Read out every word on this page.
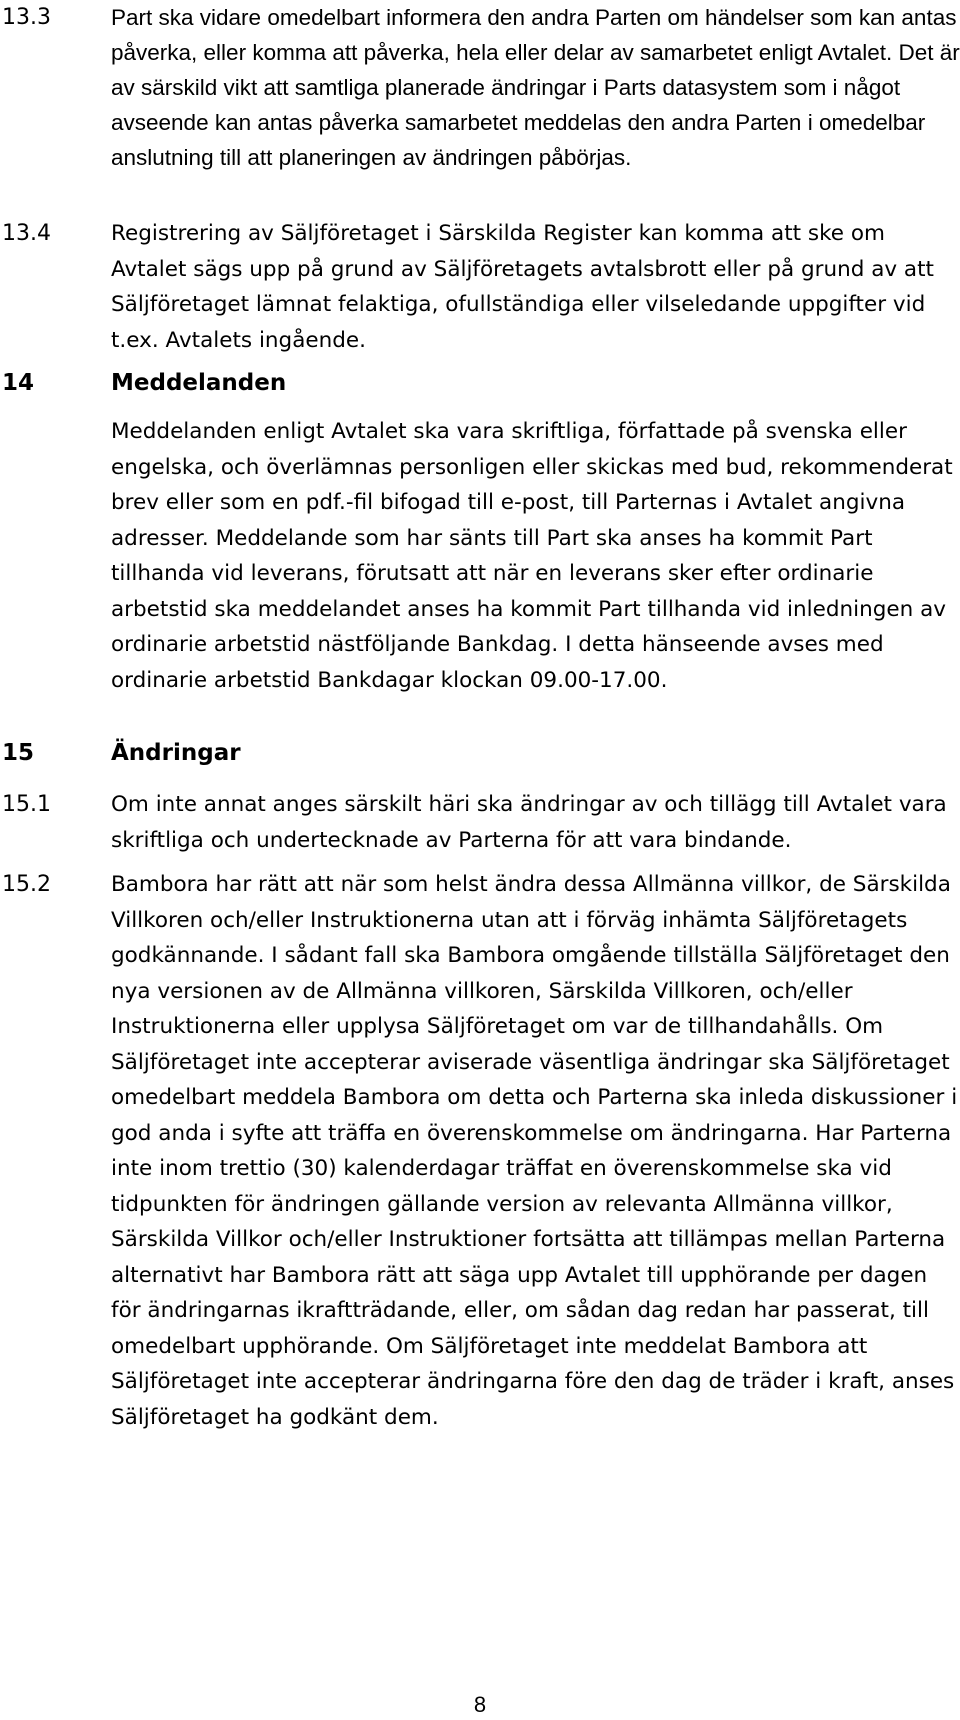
13.3	Part ska vidare omedelbart informera den andra Parten om händelser som kan antas påverka, eller komma att påverka, hela eller delar av samarbetet enligt Avtalet. Det är av särskild vikt att samtliga planerade ändringar i Parts datasystem som i något avseende kan antas påverka samarbetet meddelas den andra Parten i omedelbar anslutning till att planeringen av ändringen påbörjas.

13.4	Registrering av Säljföretaget i Särskilda Register kan komma att ske om Avtalet sägs upp på grund av Säljföretagets avtalsbrott eller på grund av att Säljföretaget lämnat felaktiga, ofullständiga eller vilseledande uppgifter vid t.ex. Avtalets ingående.

14	Meddelanden

Meddelanden enligt Avtalet ska vara skriftliga, författade på svenska eller engelska, och överlämnas personligen eller skickas med bud, rekommenderat brev eller som en pdf.-fil bifogad till e-post, till Parternas i Avtalet angivna adresser. Meddelande som har sänts till Part ska anses ha kommit Part tillhanda vid leverans, förutsatt att när en leverans sker efter ordinarie arbetstid ska meddelandet anses ha kommit Part tillhanda vid inledningen av ordinarie arbetstid nästföljande Bankdag. I detta hänseende avses med ordinarie arbetstid Bankdagar klockan 09.00-17.00.

15	Ändringar
15.1	Om inte annat anges särskilt häri ska ändringar av och tillägg till Avtalet vara skriftliga och undertecknade av Parterna för att vara bindande.

15.2	Bambora har rätt att när som helst ändra dessa Allmänna villkor, de Särskilda Villkoren och/eller Instruktionerna utan att i förväg inhämta Säljföretagets godkännande. I sådant fall ska Bambora omgående tillställa Säljföretaget den nya versionen av de Allmänna villkoren, Särskilda Villkoren, och/eller Instruktionerna eller upplysa Säljföretaget om var de tillhandahålls. Om Säljföretaget inte accepterar aviserade väsentliga ändringar ska Säljföretaget omedelbart meddela Bambora om detta och Parterna ska inleda diskussioner i god anda i syfte att träffa en överenskommelse om ändringarna. Har Parterna inte inom trettio (30) kalenderdagar träffat en överenskommelse ska vid tidpunkten för ändringen gällande version av relevanta Allmänna villkor, Särskilda Villkor och/eller Instruktioner fortsätta att tillämpas mellan Parterna alternativt har Bambora rätt att säga upp Avtalet till upphörande per dagen för ändringarnas ikraftträdande, eller, om sådan dag redan har passerat, till omedelbart upphörande. Om Säljföretaget inte meddelat Bambora att Säljföretaget inte accepterar ändringarna före den dag de träder i kraft, anses Säljföretaget ha godkänt dem.

8
